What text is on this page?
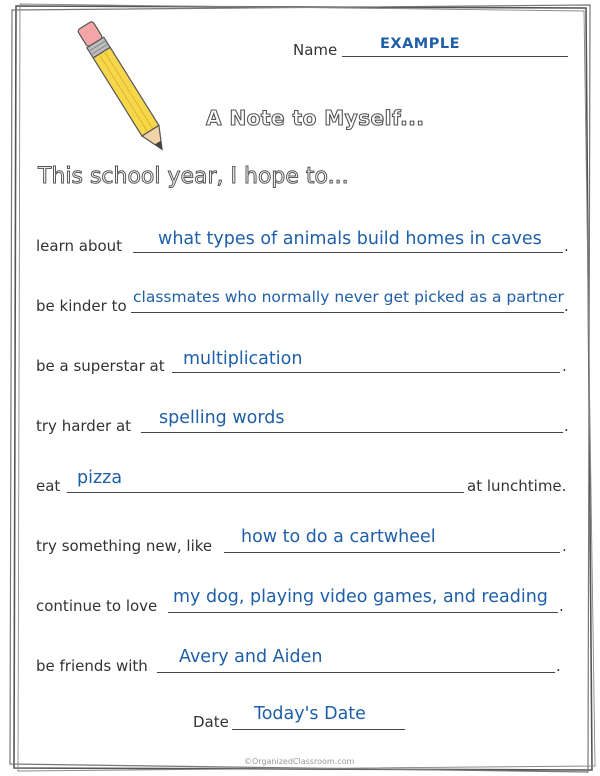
Name	EXAMPLE
A Note to Myself...
This school year, I hope to...
learn about	.
what types of animals build homes in caves
be kinder to	.
classmates who normally never get picked as a partner
be a superstar at	.
multiplication
try harder at	.
spelling words
eat pizza	at lunchtime.
try something new, like	.
how to do a cartwheel
continue to love	.
my dog, playing video games, and reading
be friends with	.
Avery and Aiden
Date Today's Date
©OrganizedClassroom.com
